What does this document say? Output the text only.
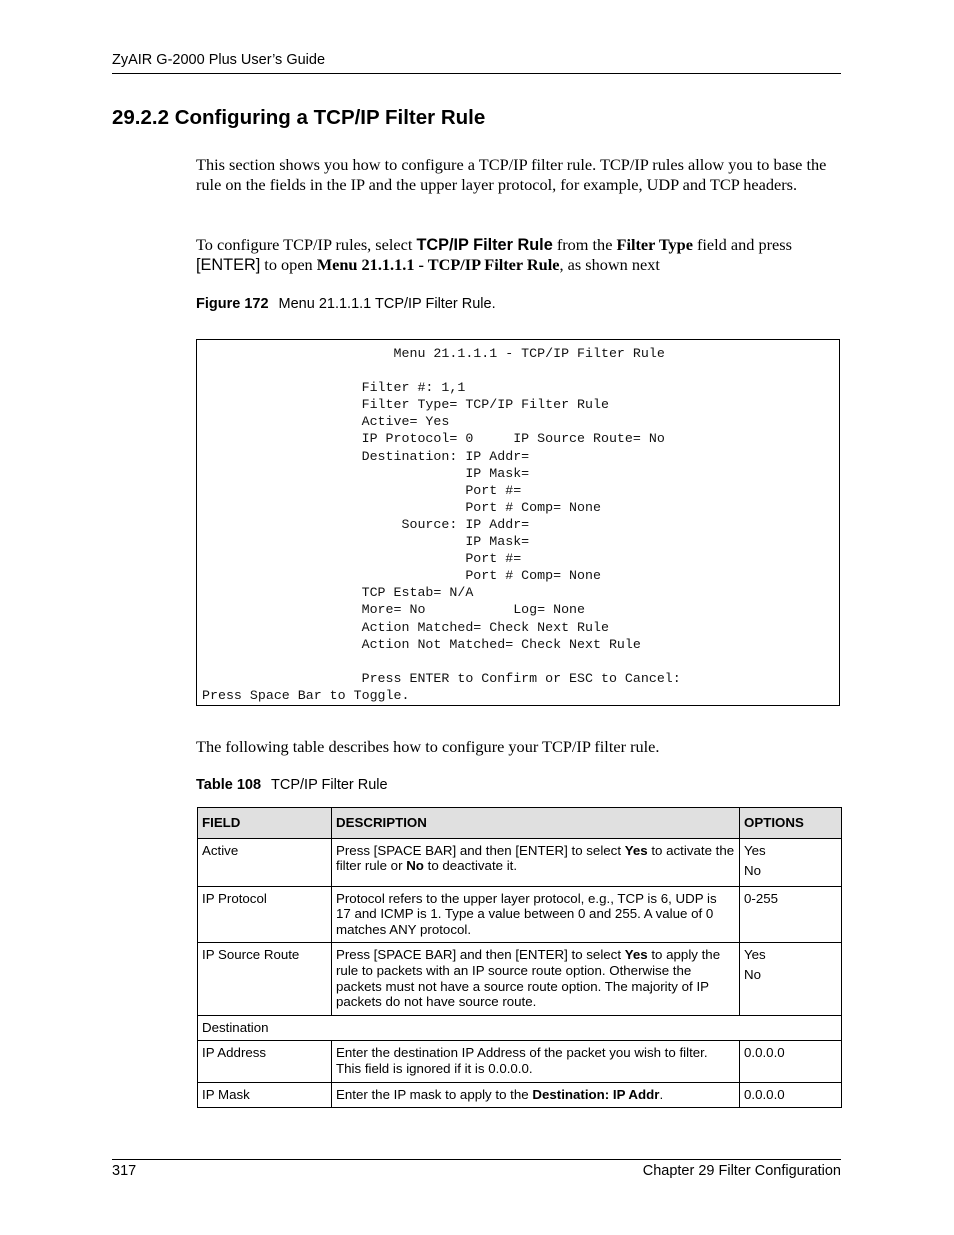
ZyAIR G-2000 Plus User’s Guide
29.2.2 Configuring a TCP/IP Filter Rule

This section shows you how to configure a TCP/IP filter rule. TCP/IP rules allow you to base the rule on the fields in the IP and the upper layer protocol, for example, UDP and TCP headers.

To configure TCP/IP rules, select TCP/IP Filter Rule from the Filter Type field and press [ENTER] to open Menu 21.1.1.1 - TCP/IP Filter Rule, as shown next

Figure 172 Menu 21.1.1.1 TCP/IP Filter Rule.

Menu 21.1.1.1 - TCP/IP Filter Rule

Filter #: 1,1
Filter Type= TCP/IP Filter Rule
Active= Yes
IP Protocol= 0     IP Source Route= No
Destination: IP Addr=
IP Mask=
Port #=
Port # Comp= None
Source: IP Addr=
IP Mask=
Port #=
Port # Comp= None
TCP Estab= N/A
More= No           Log= None
Action Matched= Check Next Rule
Action Not Matched= Check Next Rule

Press ENTER to Confirm or ESC to Cancel:
Press Space Bar to Toggle.

The following table describes how to configure your TCP/IP filter rule.

Table 108 TCP/IP Filter Rule

FIELD	DESCRIPTION	OPTIONS
Active	Press [SPACE BAR] and then [ENTER] to select Yes to activate the filter rule or No to deactivate it.	Yes
No

IP Protocol	Protocol refers to the upper layer protocol, e.g., TCP is 6, UDP is 17 and ICMP is 1. Type a value between 0 and 255. A value of 0 matches ANY protocol.	0-255
IP Source Route	Press [SPACE BAR] and then [ENTER] to select Yes to apply the rule to packets with an IP source route option. Otherwise the packets must not have a source route option. The majority of IP packets do not have source route.	Yes
No

Destination		
IP Address	Enter the destination IP Address of the packet you wish to filter. This field is ignored if it is 0.0.0.0.	0.0.0.0
IP Mask	Enter the IP mask to apply to the Destination: IP Addr.	0.0.0.0
317	Chapter 29 Filter Configuration
